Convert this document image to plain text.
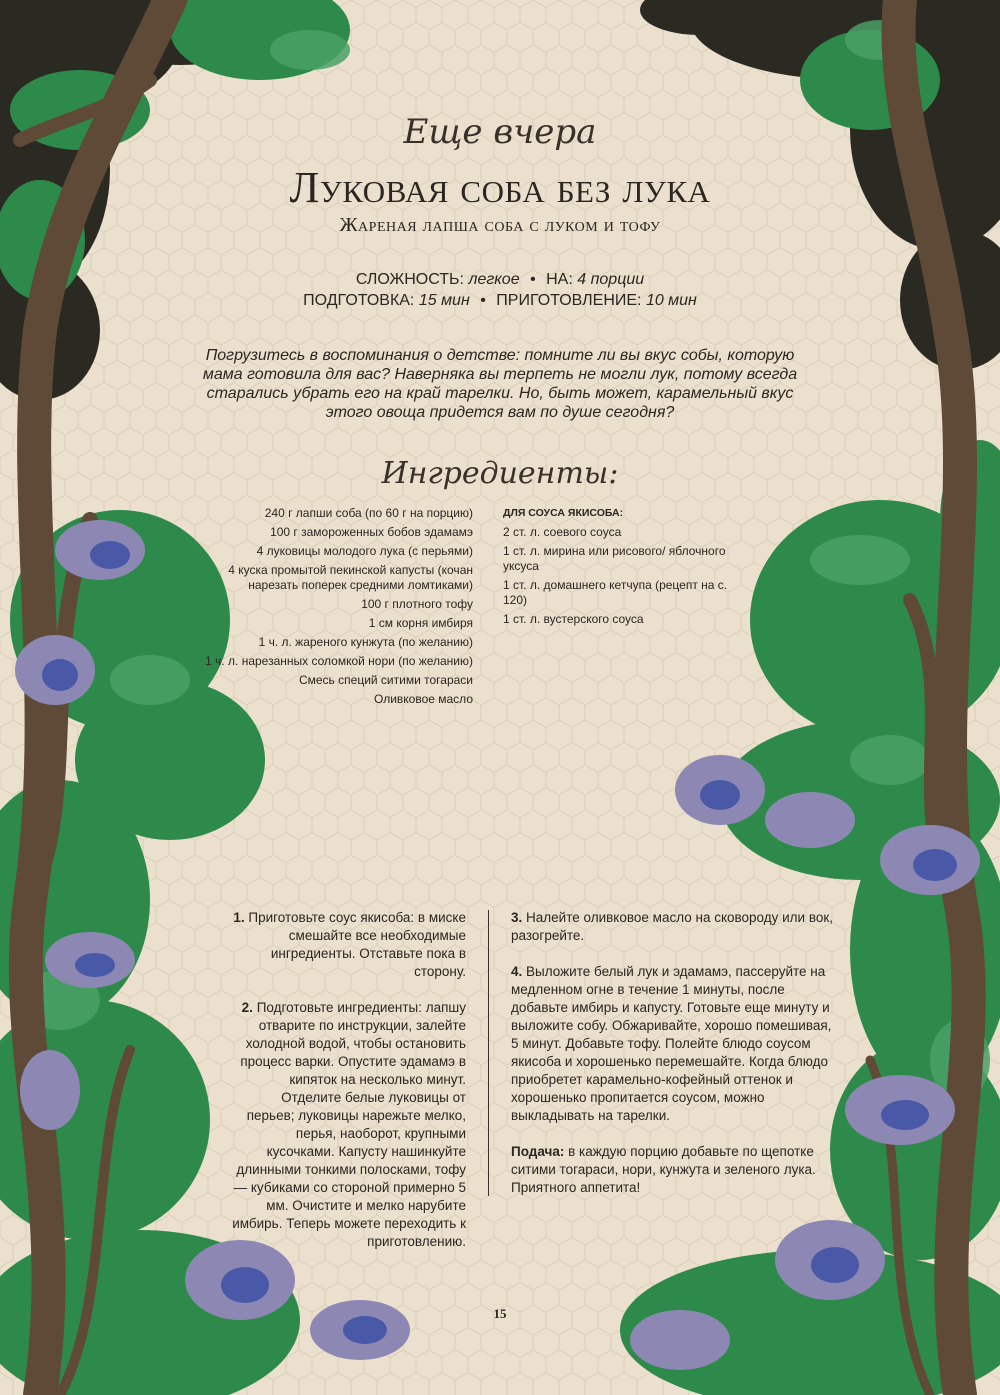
Еще вчера
Луковая соба без лука
Жареная лапша соба с луком и тофу
СЛОЖНОСТЬ: легкое • НА: 4 порции
ПОДГОТОВКА: 15 мин • ПРИГОТОВЛЕНИЕ: 10 мин
Погрузитесь в воспоминания о детстве: помните ли вы вкус собы, которую мама готовила для вас? Наверняка вы терпеть не могли лук, потому всегда старались убрать его на край тарелки. Но, быть может, карамельный вкус этого овоща придется вам по душе сегодня?
Ингредиенты:
240 г лапши соба (по 60 г на порцию)
100 г замороженных бобов эдамамэ
4 луковицы молодого лука (с перьями)
4 куска промытой пекинской капусты (кочан нарезать поперек средними ломтиками)
100 г плотного тофу
1 см корня имбиря
1 ч. л. жареного кунжута (по желанию)
1 ч. л. нарезанных соломкой нори (по желанию)
Смесь специй ситими тогараси
Оливковое масло
ДЛЯ СОУСА ЯКИСОБА:
2 ст. л. соевого соуса
1 ст. л. мирина или рисового/ яблочного уксуса
1 ст. л. домашнего кетчупа (рецепт на с. 120)
1 ст. л. вустерского соуса

1. Приготовьте соус якисоба: в миске смешайте все необходимые ингредиенты. Отставьте пока в сторону.

2. Подготовьте ингредиенты: лапшу отварите по инструкции, залейте холодной водой, чтобы остановить процесс варки. Опустите эдамамэ в кипяток на несколько минут. Отделите белые луковицы от перьев; луковицы нарежьте мелко, перья, наоборот, крупными кусочками. Капусту нашинкуйте длинными тонкими полосками, тофу — кубиками со стороной примерно 5 мм. Очистите и мелко нарубите имбирь. Теперь можете переходить к приготовлению.

3. Налейте оливковое масло на сковороду или вок, разогрейте.

4. Выложите белый лук и эдамамэ, пассеруйте на медленном огне в течение 1 минуты, после добавьте имбирь и капусту. Готовьте еще минуту и выложите собу. Обжаривайте, хорошо помешивая, 5 минут. Добавьте тофу. Полейте блюдо соусом якисоба и хорошенько перемешайте. Когда блюдо приобретет карамельно-кофейный оттенок и хорошенько пропитается соусом, можно выкладывать на тарелки.

Подача: в каждую порцию добавьте по щепотке ситими тогараси, нори, кунжута и зеленого лука. Приятного аппетита!

15
